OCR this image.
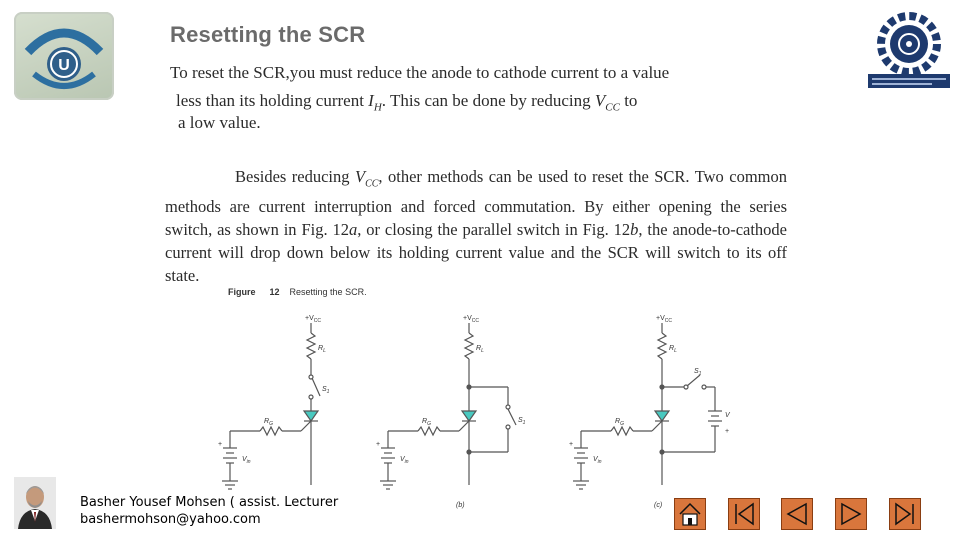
U
Resetting the SCR
To reset the SCR,you must reduce the anode to cathode current to a value
less than its holding current $I_H$. This can be done by reducing $V_{CC}$ to
a low value.
Besides reducing $V_{CC}$, other methods can be used to reset the SCR. Two common methods are current interruption and forced commutation. By either opening the series switch, as shown in Fig. 12a, or closing the parallel switch in Fig. 12b, the anode-to-cathode current will drop down below its holding current value and the SCR will switch to its off state.
Figure 12 Resetting the SCR.
$+V_{CC}$
$R_L$
$S_1$
$R_G$
+
$V_{in}$
$+V_{CC}$
$R_L$
$S_1$
$R_G$
+
$V_{in}$
(b)
$+V_{CC}$
$R_L$
$R_G$
+
$V_{in}$
(c)
$S_1$
V
+
Basher Yousef Mohsen ( assist. Lecturer
bashermohson@yahoo.com
